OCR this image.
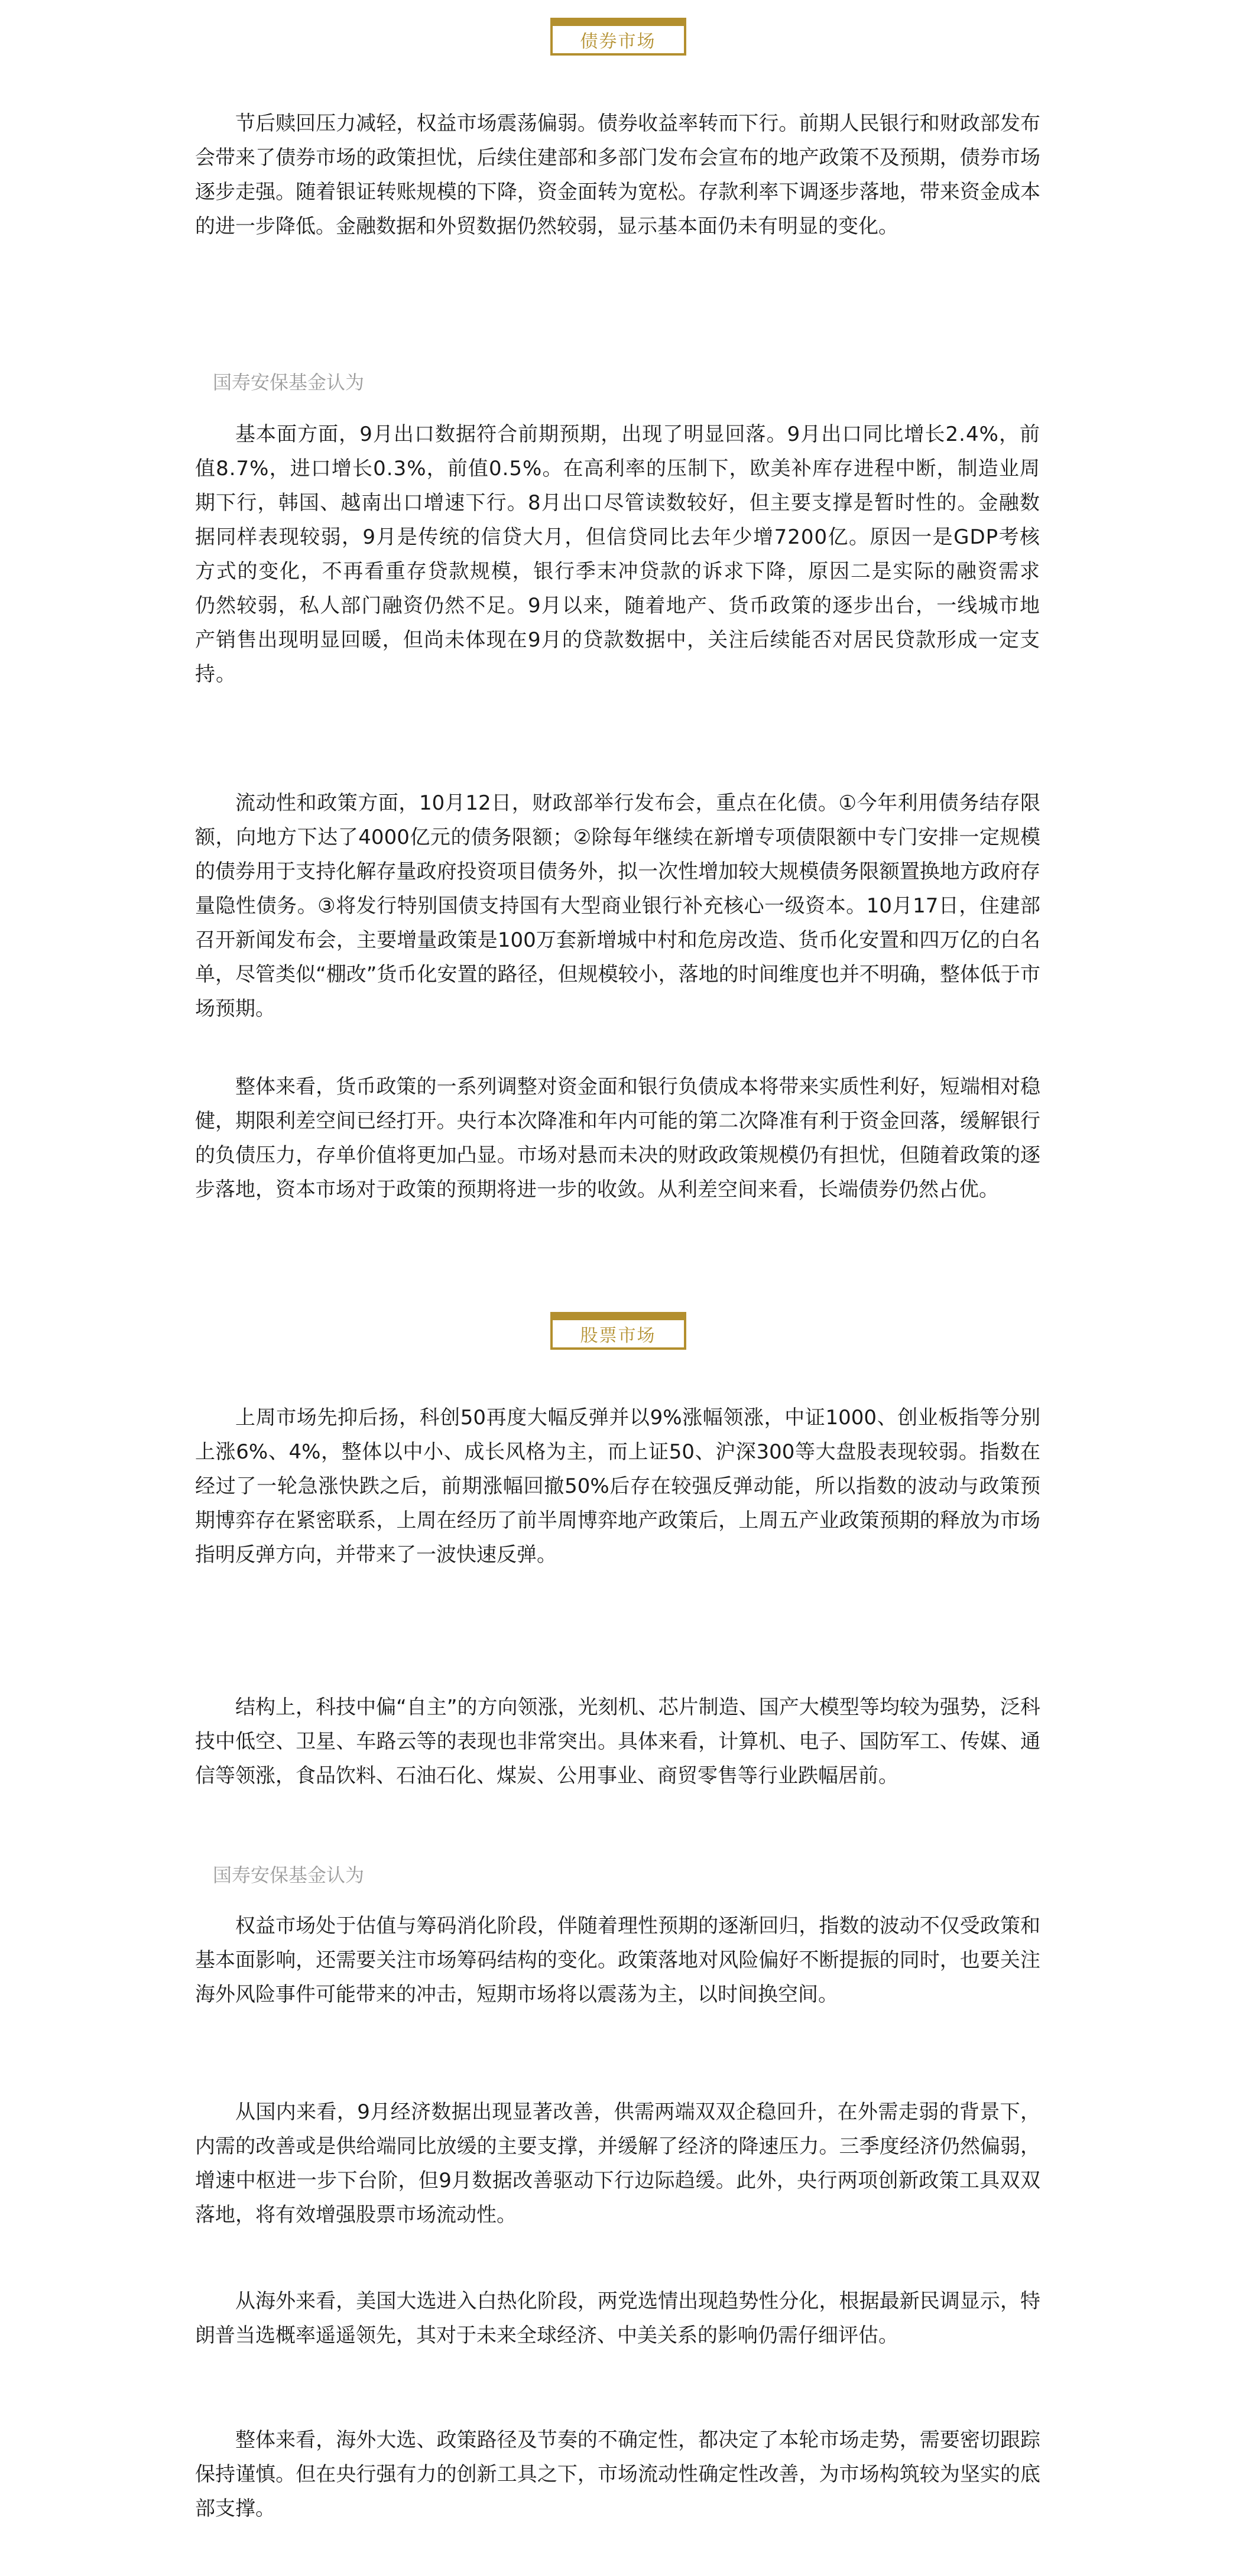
债券市场

节后赎回压力减轻，权益市场震荡偏弱。债券收益率转而下行。前期人民银行和财政部发布会带来了债券市场的政策担忧，后续住建部和多部门发布会宣布的地产政策不及预期，债券市场逐步走强。随着银证转账规模的下降，资金面转为宽松。存款利率下调逐步落地，带来资金成本的进一步降低。金融数据和外贸数据仍然较弱，显示基本面仍未有明显的变化。

国寿安保基金认为

基本面方面，9月出口数据符合前期预期，出现了明显回落。9月出口同比增长2.4%，前值8.7%，进口增长0.3%，前值0.5%。在高利率的压制下，欧美补库存进程中断，制造业周期下行，韩国、越南出口增速下行。8月出口尽管读数较好，但主要支撑是暂时性的。金融数据同样表现较弱，9月是传统的信贷大月，但信贷同比去年少增7200亿。原因一是GDP考核方式的变化，不再看重存贷款规模，银行季末冲贷款的诉求下降，原因二是实际的融资需求仍然较弱，私人部门融资仍然不足。9月以来，随着地产、货币政策的逐步出台，一线城市地产销售出现明显回暖，但尚未体现在9月的贷款数据中，关注后续能否对居民贷款形成一定支持。

流动性和政策方面，10月12日，财政部举行发布会，重点在化债。①今年利用债务结存限额，向地方下达了4000亿元的债务限额；②除每年继续在新增专项债限额中专门安排一定规模的债券用于支持化解存量政府投资项目债务外，拟一次性增加较大规模债务限额置换地方政府存量隐性债务。③将发行特别国债支持国有大型商业银行补充核心一级资本。10月17日，住建部召开新闻发布会，主要增量政策是100万套新增城中村和危房改造、货币化安置和四万亿的白名单，尽管类似“棚改”货币化安置的路径，但规模较小，落地的时间维度也并不明确，整体低于市场预期。

整体来看，货币政策的一系列调整对资金面和银行负债成本将带来实质性利好，短端相对稳健，期限利差空间已经打开。央行本次降准和年内可能的第二次降准有利于资金回落，缓解银行的负债压力，存单价值将更加凸显。市场对悬而未决的财政政策规模仍有担忧，但随着政策的逐步落地，资本市场对于政策的预期将进一步的收敛。从利差空间来看，长端债券仍然占优。

股票市场

上周市场先抑后扬，科创50再度大幅反弹并以9%涨幅领涨，中证1000、创业板指等分别上涨6%、4%，整体以中小、成长风格为主，而上证50、沪深300等大盘股表现较弱。指数在经过了一轮急涨快跌之后，前期涨幅回撤50%后存在较强反弹动能，所以指数的波动与政策预期博弈存在紧密联系，上周在经历了前半周博弈地产政策后，上周五产业政策预期的释放为市场指明反弹方向，并带来了一波快速反弹。

结构上，科技中偏“自主”的方向领涨，光刻机、芯片制造、国产大模型等均较为强势，泛科技中低空、卫星、车路云等的表现也非常突出。具体来看，计算机、电子、国防军工、传媒、通信等领涨，食品饮料、石油石化、煤炭、公用事业、商贸零售等行业跌幅居前。

国寿安保基金认为

权益市场处于估值与筹码消化阶段，伴随着理性预期的逐渐回归，指数的波动不仅受政策和基本面影响，还需要关注市场筹码结构的变化。政策落地对风险偏好不断提振的同时，也要关注海外风险事件可能带来的冲击，短期市场将以震荡为主，以时间换空间。

从国内来看，9月经济数据出现显著改善，供需两端双双企稳回升，在外需走弱的背景下，内需的改善或是供给端同比放缓的主要支撑，并缓解了经济的降速压力。三季度经济仍然偏弱，增速中枢进一步下台阶，但9月数据改善驱动下行边际趋缓。此外，央行两项创新政策工具双双落地，将有效增强股票市场流动性。

从海外来看，美国大选进入白热化阶段，两党选情出现趋势性分化，根据最新民调显示，特朗普当选概率遥遥领先，其对于未来全球经济、中美关系的影响仍需仔细评估。

整体来看，海外大选、政策路径及节奏的不确定性，都决定了本轮市场走势，需要密切跟踪保持谨慎。但在央行强有力的创新工具之下，市场流动性确定性改善，为市场构筑较为坚实的底部支撑。
